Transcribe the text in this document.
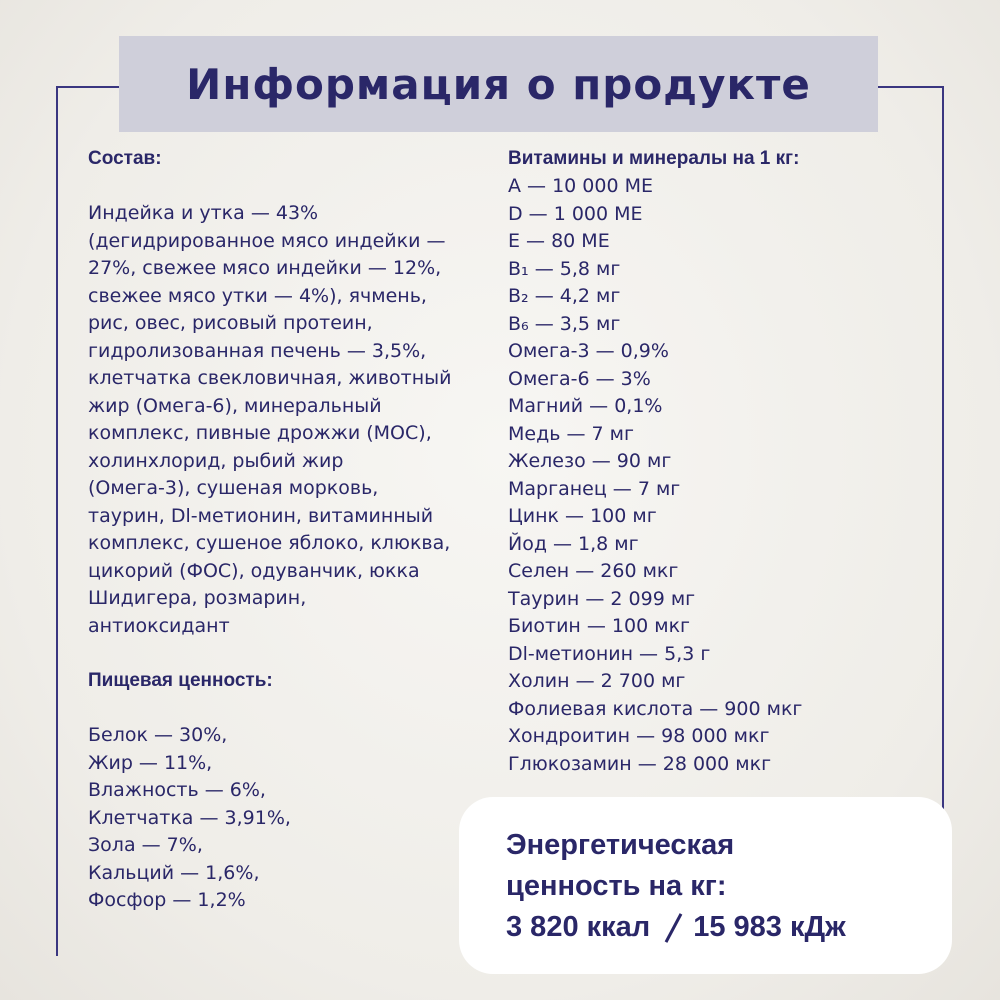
Информация о продукте

Состав:

Индейка и утка — 43%

(дегидрированное мясо индейки —

27%, свежее мясо индейки — 12%,

свежее мясо утки — 4%), ячмень,

рис, овес, рисовый протеин,

гидролизованная печень — 3,5%,

клетчатка свекловичная, животный

жир (Омега-6), минеральный

комплекс, пивные дрожжи (МОС),

холинхлорид, рыбий жир

(Омега-3), сушеная морковь,

таурин, Dl-метионин, витаминный

комплекс, сушеное яблоко, клюква,

цикорий (ФОС), одуванчик, юкка

Шидигера, розмарин,

антиоксидант

Пищевая ценность:

Белок — 30%,
Жир — 11%,
Влажность — 6%,
Клетчатка — 3,91%,
Зола — 7%,
Кальций — 1,6%,
Фосфор — 1,2%

Витамины и минералы на 1 кг:

А — 10 000 МЕ
D — 1 000 МЕ
Е — 80 МЕ
В₁ — 5,8 мг
В₂ — 4,2 мг
В₆ — 3,5 мг
Омега-3 — 0,9%
Омега-6 — 3%
Магний — 0,1%
Медь — 7 мг
Железо — 90 мг
Марганец — 7 мг
Цинк — 100 мг
Йод — 1,8 мг
Селен — 260 мкг
Таурин — 2 099 мг
Биотин — 100 мкг
Dl-метионин — 5,3 г
Холин — 2 700 мг
Фолиевая кислота — 900 мкг
Хондроитин — 98 000 мкг
Глюкозамин — 28 000 мкг

Энергетическая

ценность на кг:

3 820 ккал 15 983 кДж
